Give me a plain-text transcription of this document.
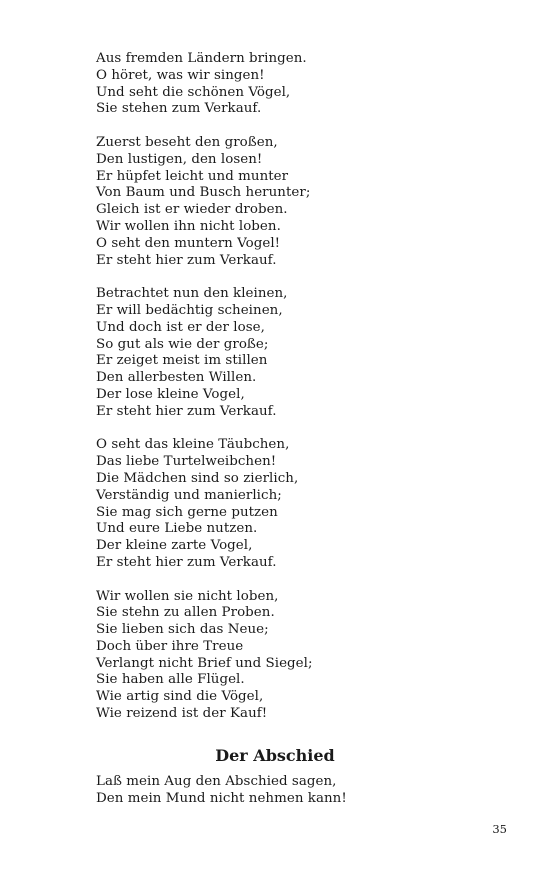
Aus fremden Ländern bringen.
O höret, was wir singen!
Und seht die schönen Vögel,
Sie stehen zum Verkauf.
Zuerst beseht den großen,
Den lustigen, den losen!
Er hüpfet leicht und munter
Von Baum und Busch herunter;
Gleich ist er wieder droben.
Wir wollen ihn nicht loben.
O seht den muntern Vogel!
Er steht hier zum Verkauf.
Betrachtet nun den kleinen,
Er will bedächtig scheinen,
Und doch ist er der lose,
So gut als wie der große;
Er zeiget meist im stillen
Den allerbesten Willen.
Der lose kleine Vogel,
Er steht hier zum Verkauf.
O seht das kleine Täubchen,
Das liebe Turtelweibchen!
Die Mädchen sind so zierlich,
Verständig und manierlich;
Sie mag sich gerne putzen
Und eure Liebe nutzen.
Der kleine zarte Vogel,
Er steht hier zum Verkauf.
Wir wollen sie nicht loben,
Sie stehn zu allen Proben.
Sie lieben sich das Neue;
Doch über ihre Treue
Verlangt nicht Brief und Siegel;
Sie haben alle Flügel.
Wie artig sind die Vögel,
Wie reizend ist der Kauf!
Der Abschied
Laß mein Aug den Abschied sagen,
Den mein Mund nicht nehmen kann!
35
